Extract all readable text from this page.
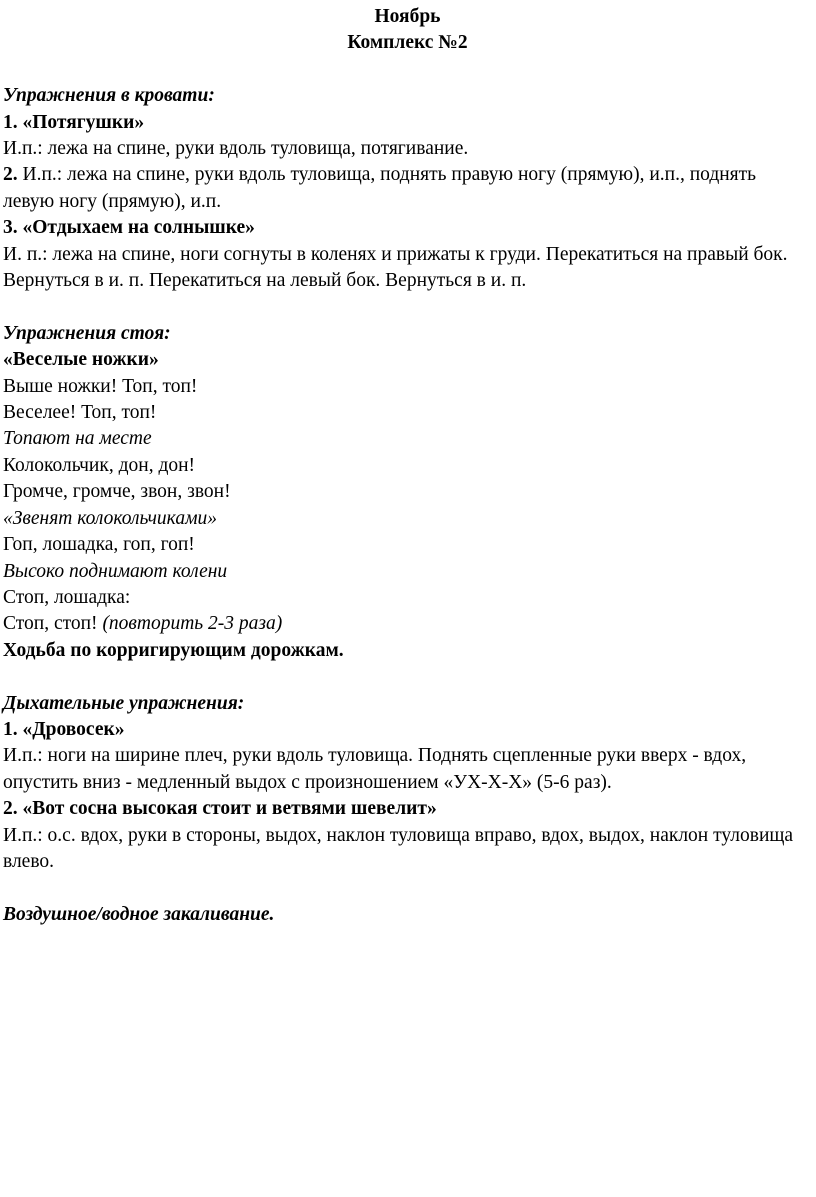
Ноябрь

Комплекс №2

Упражнения в кровати:

1. «Потягушки»

И.п.: лежа на спине, руки вдоль туловища, потягивание.

2. И.п.: лежа на спине, руки вдоль туловища, поднять правую ногу (прямую), и.п., поднять левую ногу (прямую), и.п.

3. «Отдыхаем на солнышке»

И. п.: лежа на спине, ноги согнуты в коленях и прижаты к груди. Перекатиться на правый бок. Вернуться в и. п. Перекатиться на левый бок. Вернуться в и. п.

Упражнения стоя:

«Веселые ножки»

Выше ножки! Топ, топ!

Веселее! Топ, топ!

Топают на месте

Колокольчик, дон, дон!

Громче, громче, звон, звон!

«Звенят колокольчиками»

Гоп, лошадка, гоп, гоп!

Высоко поднимают колени

Стоп, лошадка:

Стоп, стоп! (повторить 2-3 раза)

Ходьба по корригирующим дорожкам.

Дыхательные упражнения:

1. «Дровосек»

И.п.: ноги на ширине плеч, руки вдоль туловища. Поднять сцепленные руки вверх - вдох, опустить вниз - медленный выдох с произношением «УХ-Х-Х» (5-6 раз).

2. «Вот сосна высокая стоит и ветвями шевелит»

И.п.: о.с. вдох, руки в стороны, выдох, наклон туловища вправо, вдох, выдох, наклон туловища влево.

Воздушное/водное закаливание.
